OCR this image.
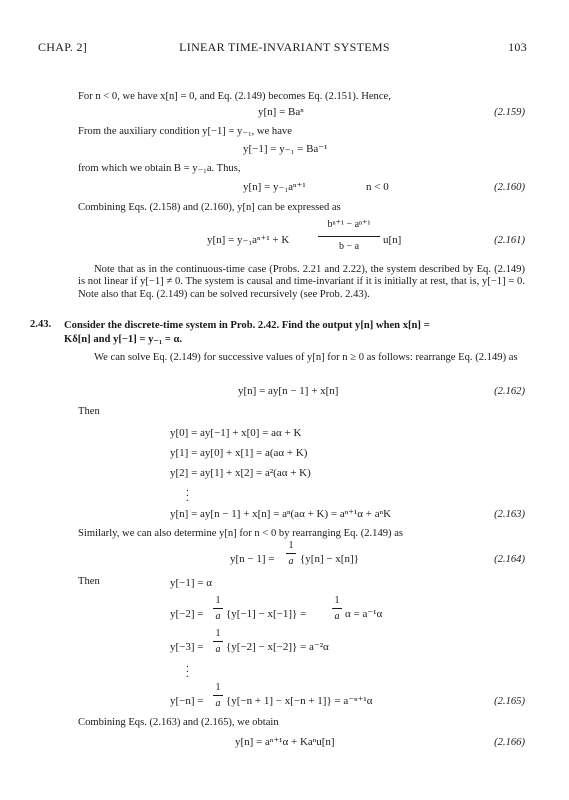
CHAP. 2]	LINEAR TIME-INVARIANT SYSTEMS	103
For n < 0, we have x[n] = 0, and Eq. (2.149) becomes Eq. (2.151). Hence,
y[n] = Baⁿ	(2.159)
From the auxiliary condition y[−1] = y₋₁, we have
y[−1] = y₋₁ = Ba⁻¹
from which we obtain B = y₋₁a. Thus,
y[n] = y₋₁aⁿ⁺¹	n < 0	(2.160)
Combining Eqs. (2.158) and (2.160), y[n] can be expressed as
y[n] = y₋₁aⁿ⁺¹ + K
bⁿ⁺¹ − aⁿ⁺¹
b − a
u[n]	(2.161)
Note that as in the continuous-time case (Probs. 2.21 and 2.22), the system described by Eq. (2.149) is not linear if y[−1] ≠ 0. The system is causal and time-invariant if it is initially at rest, that is, y[−1] = 0. Note also that Eq. (2.149) can be solved recursively (see Prob. 2.43).
2.43. Consider the discrete-time system in Prob. 2.42. Find the output y[n] when x[n] =
Kδ[n] and y[−1] = y₋₁ = α.
We can solve Eq. (2.149) for successive values of y[n] for n ≥ 0 as follows: rearrange Eq. (2.149) as
y[n] = ay[n − 1] + x[n]	(2.162)
Then
y[0] = ay[−1] + x[0] = aα + K
y[1] = ay[0] + x[1] = a(aα + K)
y[2] = ay[1] + x[2] = a²(aα + K)
.
.
.
y[n] = ay[n − 1] + x[n] = aⁿ(aα + K) = aⁿ⁺¹α + aⁿK	(2.163)
Similarly, we can also determine y[n] for n < 0 by rearranging Eq. (2.149) as
y[n − 1] =
1
a {y[n] − x[n]}	(2.164)
Then	y[−1] = α
y[−2] =
1
a {y[−1] − x[−1]} =
1
a α = a⁻¹α
y[−3] =
1
a {y[−2] − x[−2]} = a⁻²α
.
.
.
y[−n] =
1
a {y[−n + 1] − x[−n + 1]} = a⁻ⁿ⁺¹α	(2.165)
Combining Eqs. (2.163) and (2.165), we obtain
y[n] = aⁿ⁺¹α + Kaⁿu[n]	(2.166)
